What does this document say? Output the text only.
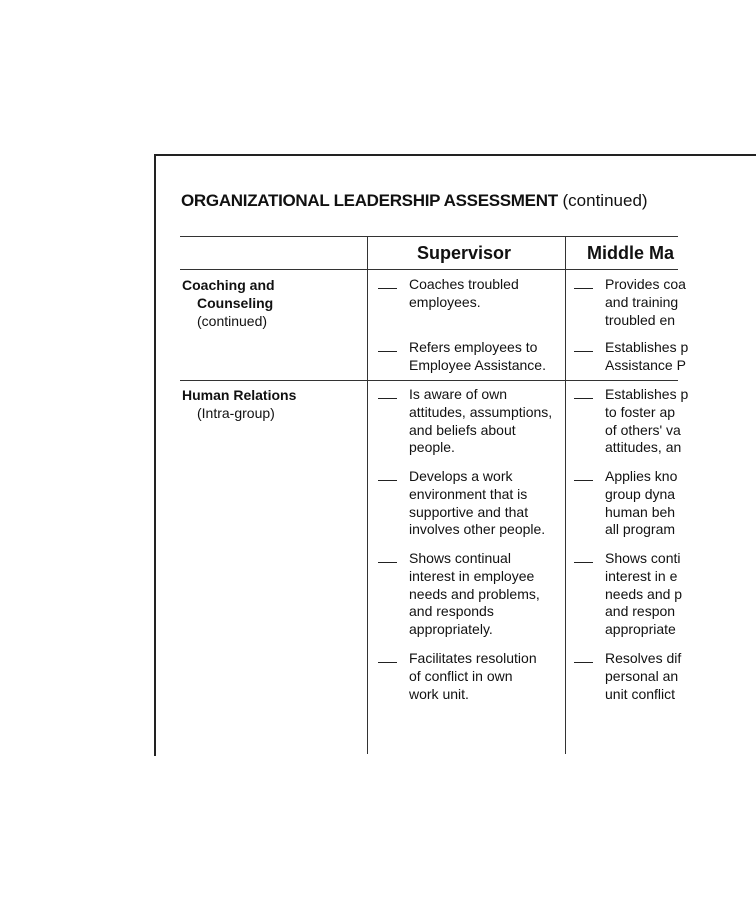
ORGANIZATIONAL LEADERSHIP ASSESSMENT (continued)
Supervisor	Middle Ma
Coaching and
Counseling
(continued)
Coaches troubled
employees.
Refers employees to
Employee Assistance.
Provides coa
and training
troubled en
Establishes p
Assistance P
Human Relations
(Intra-group)
Is aware of own
attitudes, assumptions,
and beliefs about
people.
Develops a work
environment that is
supportive and that
involves other people.
Shows continual
interest in employee
needs and problems,
and responds
appropriately.
Facilitates resolution
of conflict in own
work unit.
Establishes p
to foster ap
of others' va
attitudes, an
Applies kno
group dyna
human beh
all program
Shows conti
interest in e
needs and p
and respon
appropriate
Resolves dif
personal an
unit conflict
